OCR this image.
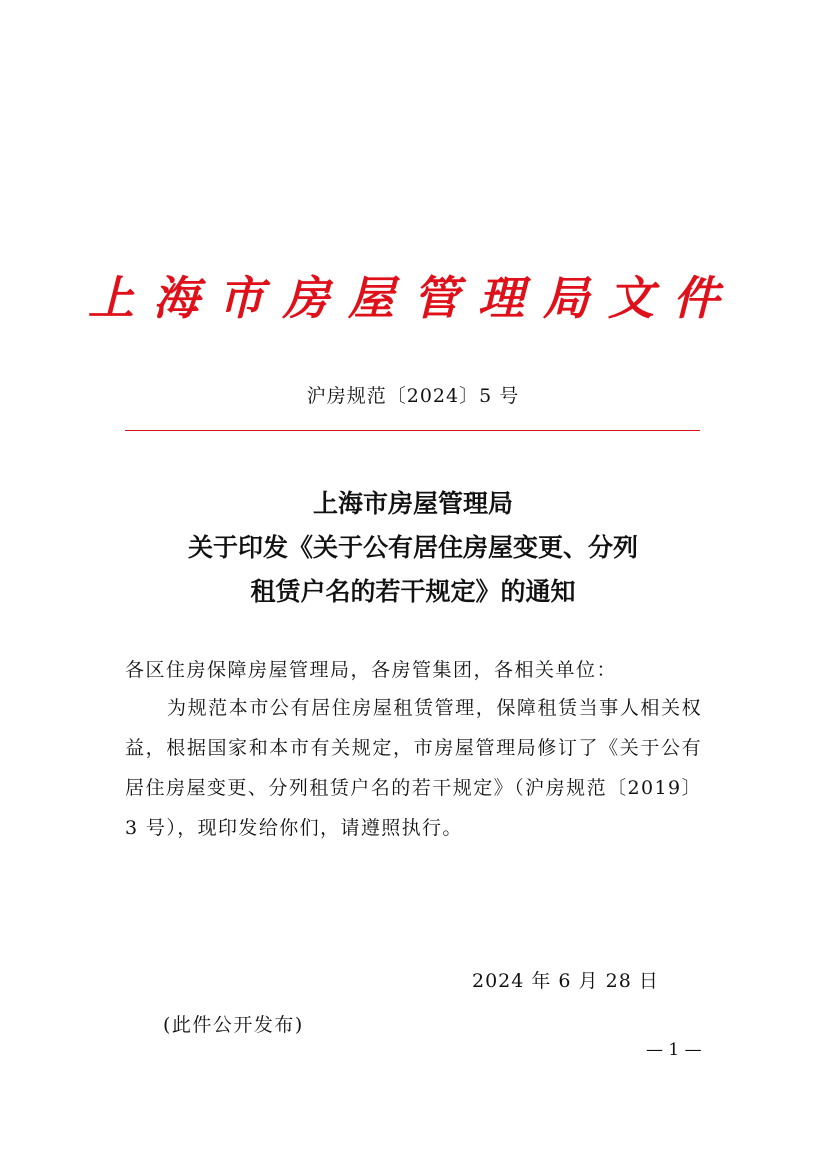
上海市房屋管理局文件
沪房规范〔2024〕5 号
上海市房屋管理局
关于印发《关于公有居住房屋变更、分列
租赁户名的若干规定》的通知
各区住房保障房屋管理局，各房管集团，各相关单位：
为规范本市公有居住房屋租赁管理，保障租赁当事人相关权益，根据国家和本市有关规定，市房屋管理局修订了《关于公有居住房屋变更、分列租赁户名的若干规定》（沪房规范〔2019〕3 号），现印发给你们，请遵照执行。
2024 年 6 月 28 日
(此件公开发布)
— 1 —
